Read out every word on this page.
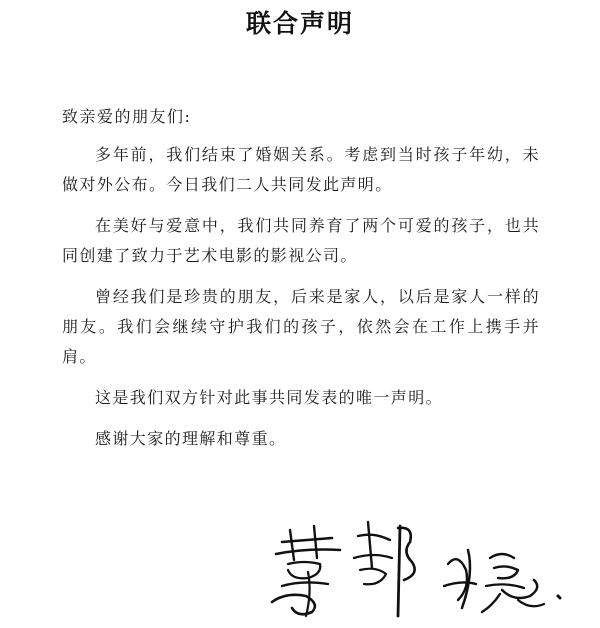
联合声明

致亲爱的朋友们:

多年前，我们结束了婚姻关系。考虑到当时孩子年幼，未做对外公布。今日我们二人共同发此声明。

在美好与爱意中，我们共同养育了两个可爱的孩子，也共同创建了致力于艺术电影的影视公司。

曾经我们是珍贵的朋友，后来是家人，以后是家人一样的朋友。我们会继续守护我们的孩子，依然会在工作上携手并肩。

这是我们双方针对此事共同发表的唯一声明。

感谢大家的理解和尊重。
